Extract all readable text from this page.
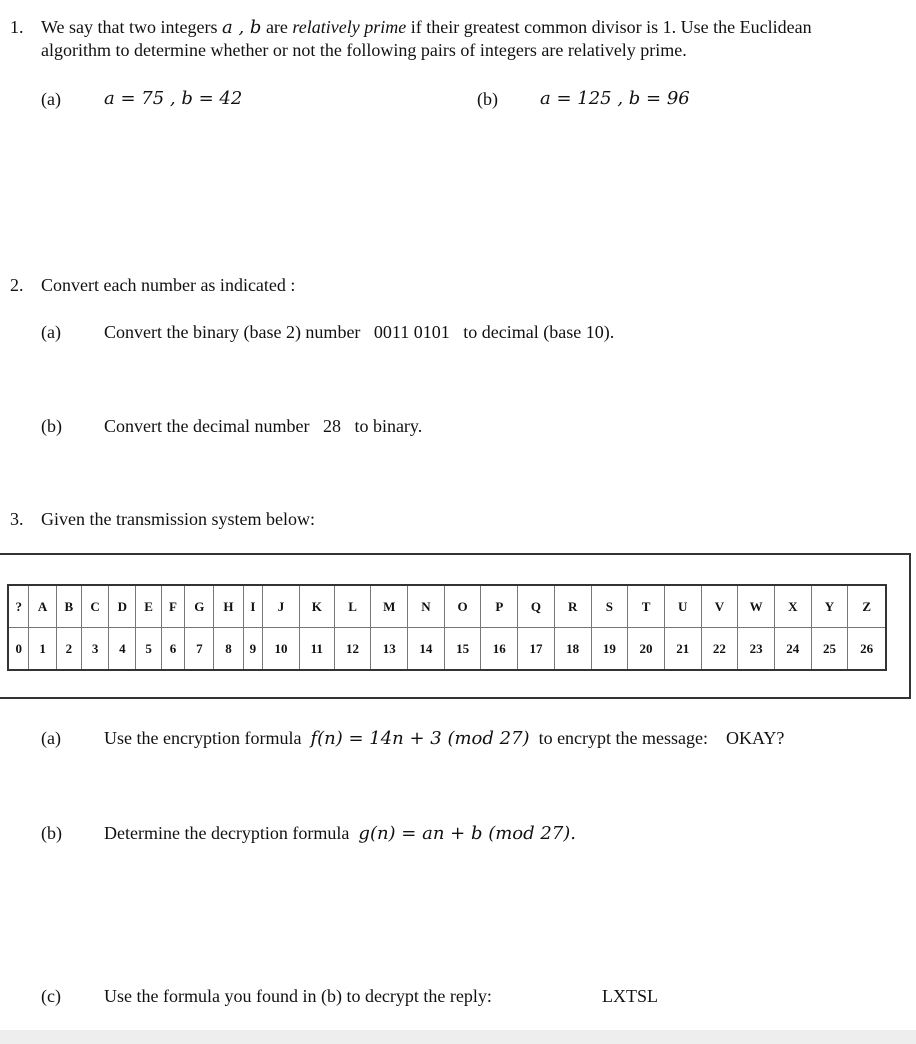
1. We say that two integers a , b are relatively prime if their greatest common divisor is 1. Use the Euclidean
algorithm to determine whether or not the following pairs of integers are relatively prime.
(a) a = 75 , b = 42	(b) a = 125 , b = 96
2. Convert each number as indicated :
(a) Convert the binary (base 2) number 0011 0101 to decimal (base 10).
(b) Convert the decimal number 28 to binary.
3. Given the transmission system below:
?	A	B	C	D	E	F	G	H	I	J	K	L	M	N	O	P	Q	R	S	T	U	V	W	X	Y	Z
0	1	2	3	4	5	6	7	8	9	10	11	12	13	14	15	16	17	18	19	20	21	22	23	24	25	26
(a) Use the encryption formula f(n) = 14n + 3 (mod 27) to encrypt the message: OKAY?
(b) Determine the decryption formula g(n) = an + b (mod 27).
(c) Use the formula you found in (b) to decrypt the reply:	LXTSL
